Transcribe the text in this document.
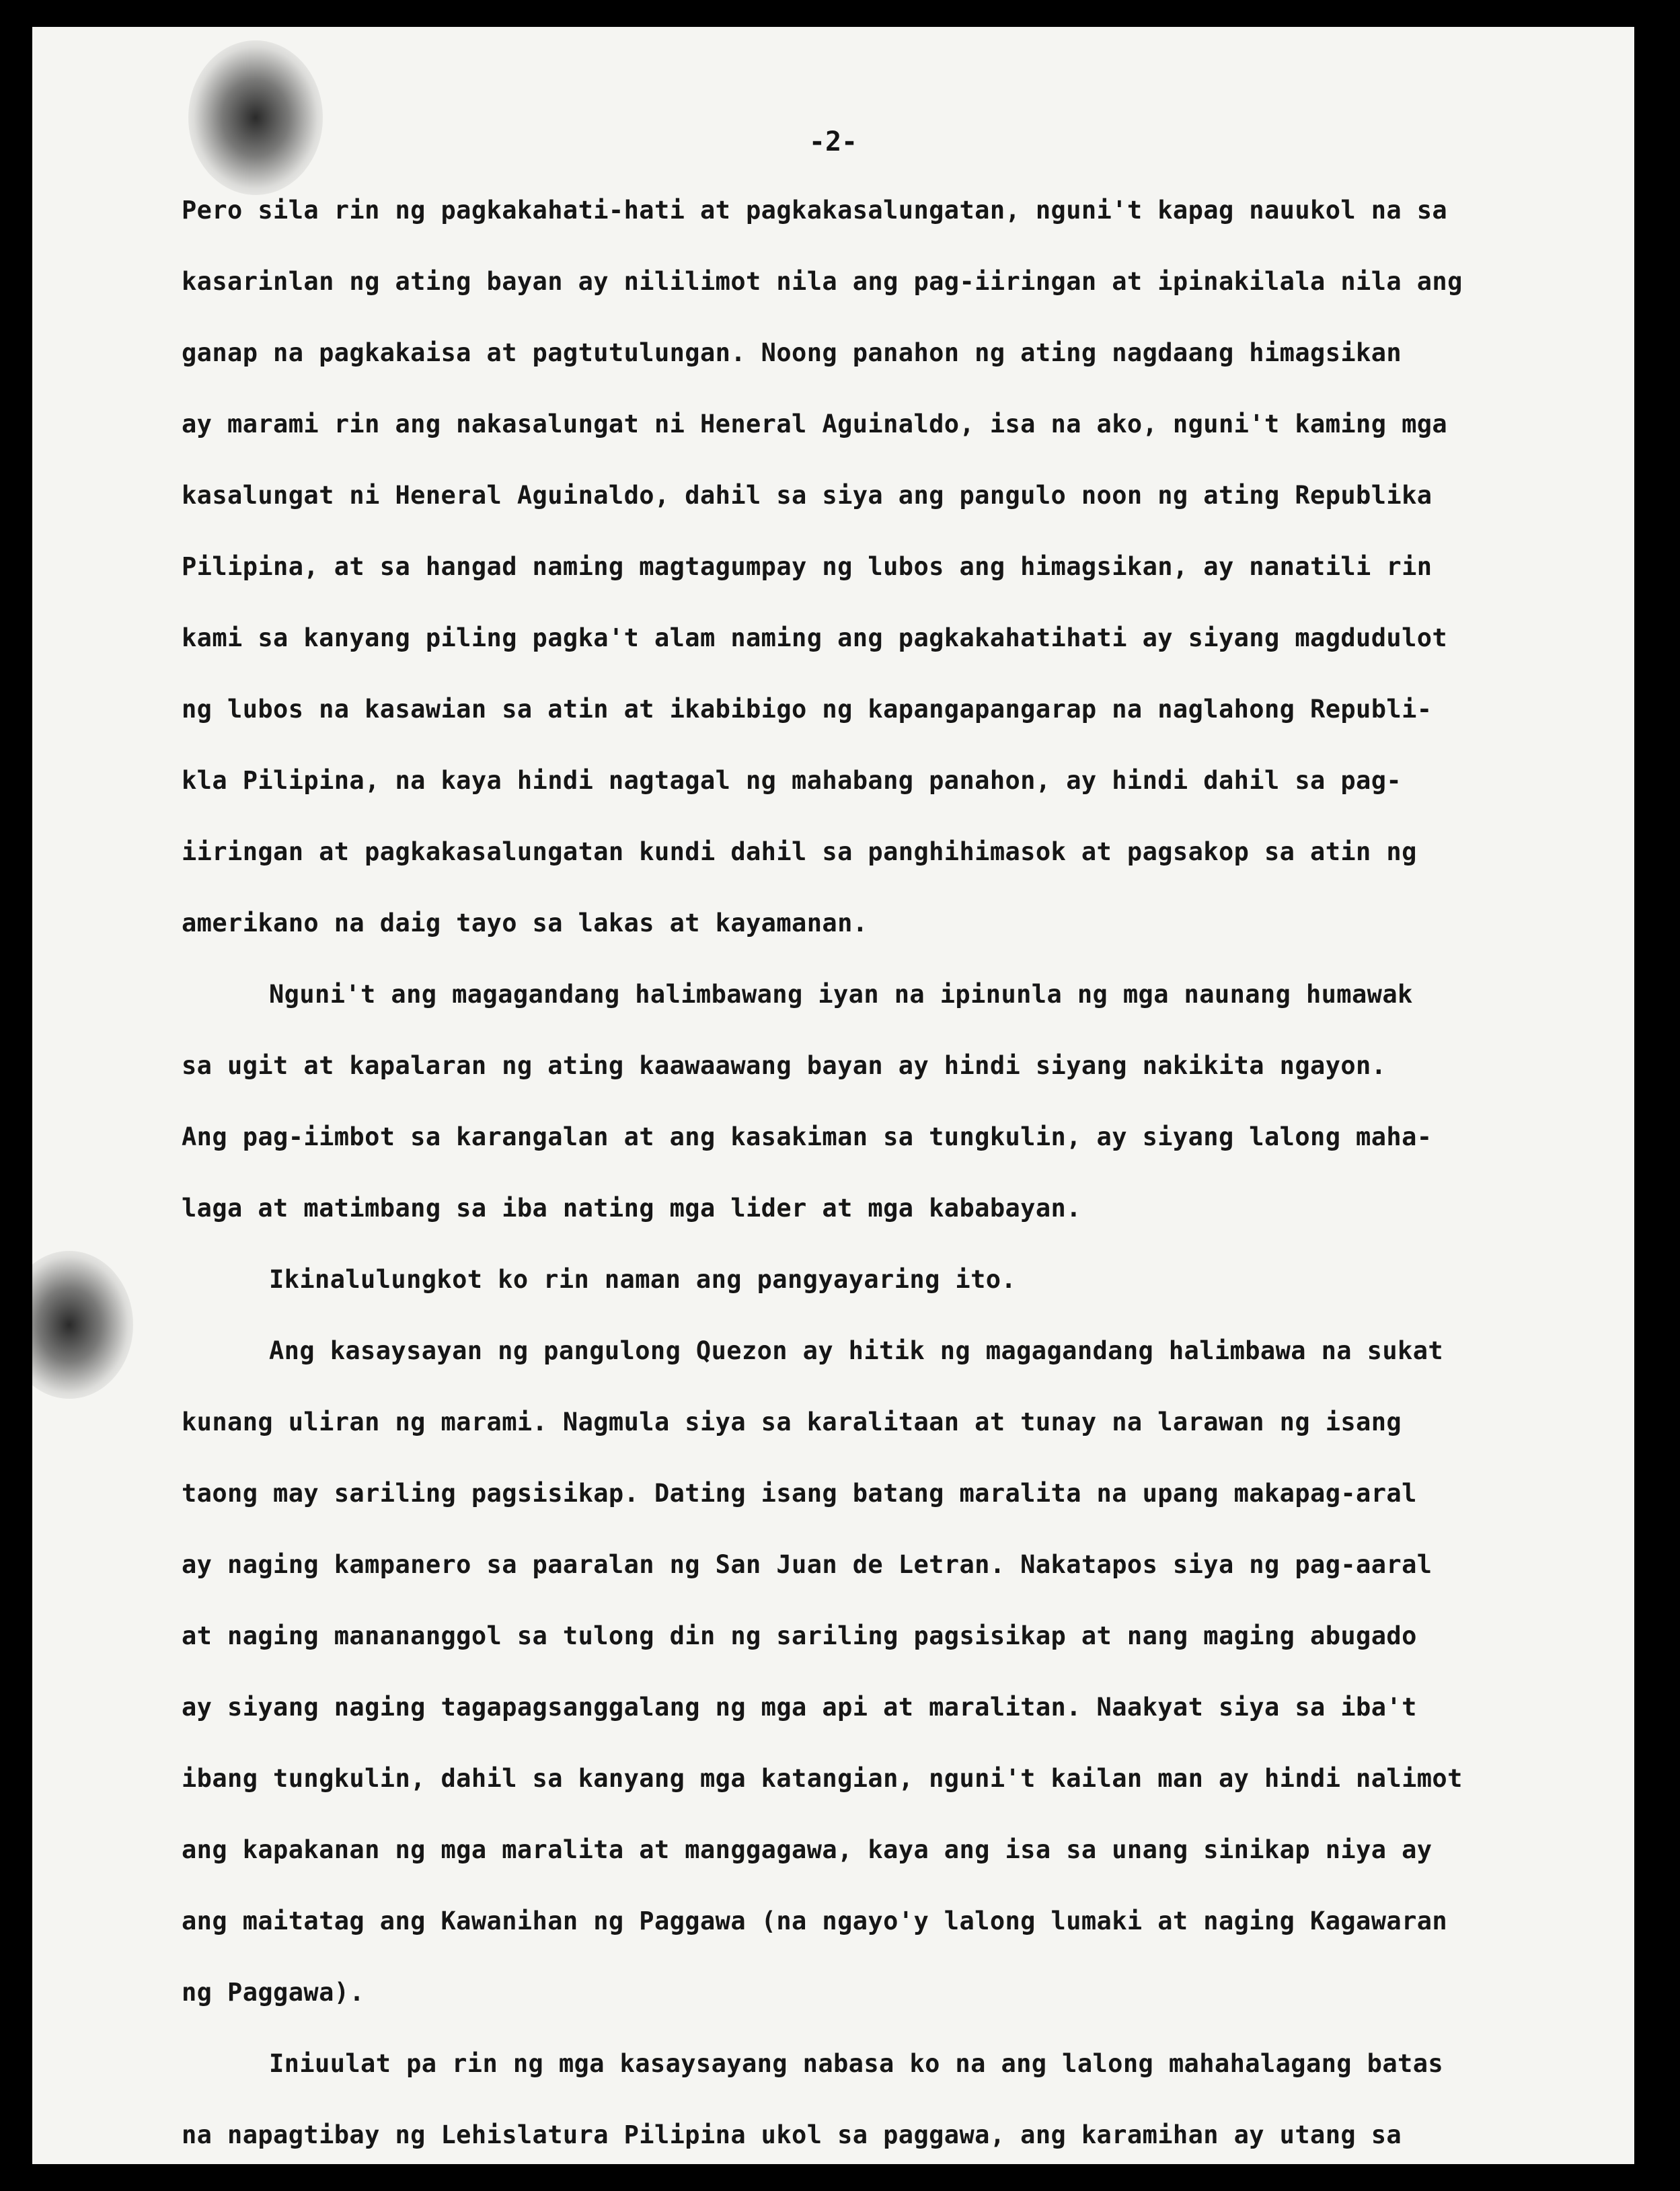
-2-
Pero sila rin ng pagkakahati-hati at pagkakasalungatan, nguni't kapag nauukol na sa
kasarinlan ng ating bayan ay nililimot nila ang pag-iiringan at ipinakilala nila ang
ganap na pagkakaisa at pagtutulungan. Noong panahon ng ating nagdaang himagsikan
ay marami rin ang nakasalungat ni Heneral Aguinaldo, isa na ako, nguni't kaming mga
kasalungat ni Heneral Aguinaldo, dahil sa siya ang pangulo noon ng ating Republika
Pilipina, at sa hangad naming magtagumpay ng lubos ang himagsikan, ay nanatili rin
kami sa kanyang piling pagka't alam naming ang pagkakahatihati ay siyang magdudulot
ng lubos na kasawian sa atin at ikabibigo ng kapangapangarap na naglahong Republi-
kla Pilipina, na kaya hindi nagtagal ng mahabang panahon, ay hindi dahil sa pag-
iiringan at pagkakasalungatan kundi dahil sa panghihimasok at pagsakop sa atin ng
amerikano na daig tayo sa lakas at kayamanan.
Nguni't ang magagandang halimbawang iyan na ipinunla ng mga naunang humawak
sa ugit at kapalaran ng ating kaawaawang bayan ay hindi siyang nakikita ngayon.
Ang pag-iimbot sa karangalan at ang kasakiman sa tungkulin, ay siyang lalong maha-
laga at matimbang sa iba nating mga lider at mga kababayan.
Ikinalulungkot ko rin naman ang pangyayaring ito.
Ang kasaysayan ng pangulong Quezon ay hitik ng magagandang halimbawa na sukat
kunang uliran ng marami. Nagmula siya sa karalitaan at tunay na larawan ng isang
taong may sariling pagsisikap. Dating isang batang maralita na upang makapag-aral
ay naging kampanero sa paaralan ng San Juan de Letran. Nakatapos siya ng pag-aaral
at naging manananggol sa tulong din ng sariling pagsisikap at nang maging abugado
ay siyang naging tagapagsanggalang ng mga api at maralitan. Naakyat siya sa iba't
ibang tungkulin, dahil sa kanyang mga katangian, nguni't kailan man ay hindi nalimot
ang kapakanan ng mga maralita at manggagawa, kaya ang isa sa unang sinikap niya ay
ang maitatag ang Kawanihan ng Paggawa (na ngayo'y lalong lumaki at naging Kagawaran
ng Paggawa).
Iniuulat pa rin ng mga kasaysayang nabasa ko na ang lalong mahahalagang batas
na napagtibay ng Lehislatura Pilipina ukol sa paggawa, ang karamihan ay utang sa
